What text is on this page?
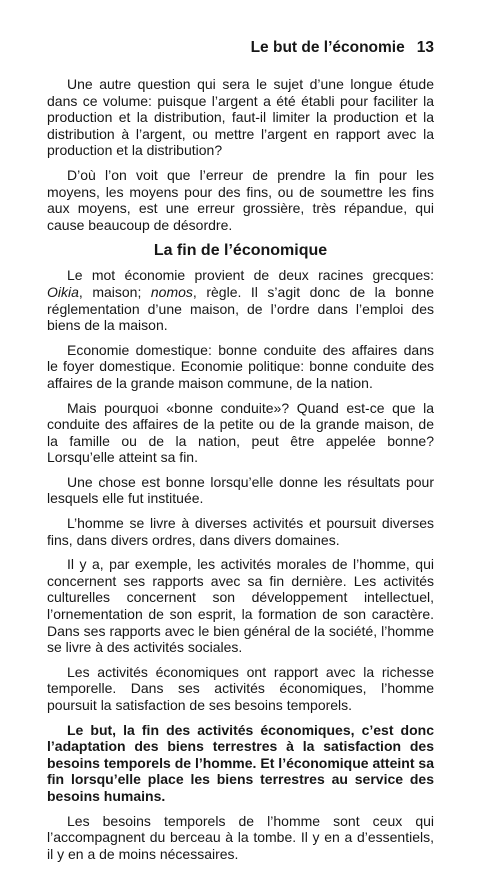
Le but de l’économie 13

Une autre question qui sera le sujet d’une longue étude dans ce volume: puisque l’argent a été établi pour faciliter la production et la distribution, faut-il limiter la production et la distribution à l’argent, ou mettre l’argent en rapport avec la production et la distribution?

D’où l’on voit que l’erreur de prendre la fin pour les moyens, les moyens pour des fins, ou de soumettre les fins aux moyens, est une erreur grossière, très répandue, qui cause beaucoup de désordre.

La fin de l’économique

Le mot économie provient de deux racines grecques: Oikia, maison; nomos, règle. Il s’agit donc de la bonne réglementation d’une maison, de l’ordre dans l’emploi des biens de la maison.

Economie domestique: bonne conduite des affaires dans le foyer domestique. Economie politique: bonne conduite des affaires de la grande maison commune, de la nation.

Mais pourquoi «bonne conduite»? Quand est-ce que la conduite des affaires de la petite ou de la grande maison, de la famille ou de la nation, peut être appelée bonne? Lorsqu’elle atteint sa fin.

Une chose est bonne lorsqu’elle donne les résultats pour lesquels elle fut instituée.

L’homme se livre à diverses activités et poursuit diverses fins, dans divers ordres, dans divers domaines.

Il y a, par exemple, les activités morales de l’homme, qui concernent ses rapports avec sa fin dernière. Les activités culturelles concernent son développement intellectuel, l’ornementation de son esprit, la formation de son caractère. Dans ses rapports avec le bien général de la société, l’homme se livre à des activités sociales.

Les activités économiques ont rapport avec la richesse temporelle. Dans ses activités économiques, l’homme poursuit la satisfaction de ses besoins temporels.

Le but, la fin des activités économiques, c’est donc l’adaptation des biens terrestres à la satisfaction des besoins temporels de l’homme. Et l’économique atteint sa fin lorsqu’elle place les biens terrestres au service des besoins humains.

Les besoins temporels de l’homme sont ceux qui l’accompagnent du berceau à la tombe. Il y en a d’essentiels, il y en a de moins nécessaires.
